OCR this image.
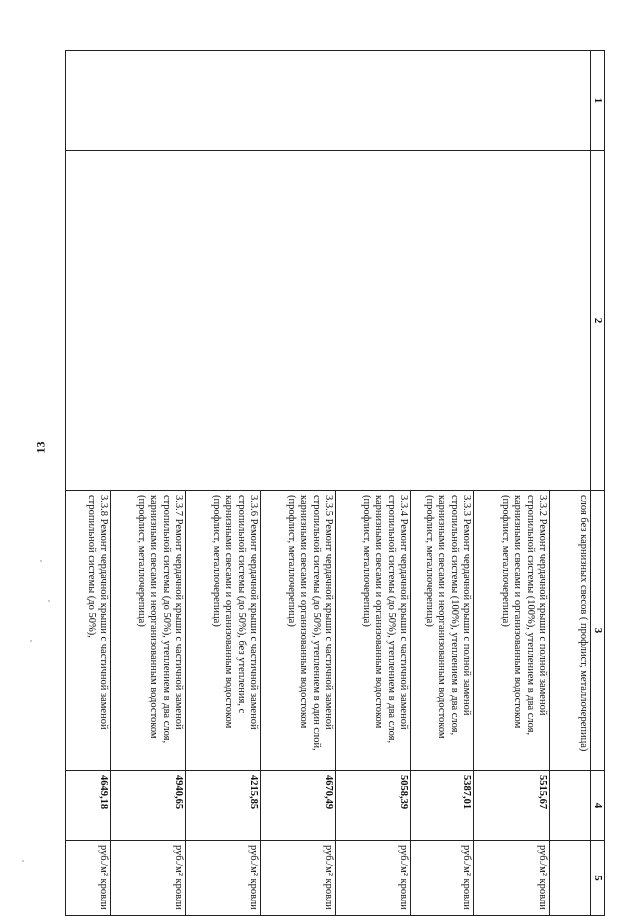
13
1	2	3	4	5
		слоя без карнизных свесов ( профлист, металлочерепица)		
		3.3.2 Ремонт чердачной крыши с полной заменой стропильной системы (100%), утеплением в два слоя, карнизными свесами и организованным водостоком (профлист, металлочерепица)	5515,67	руб./м² кровли
		3.3.3 Ремонт чердачной крыши с полной заменой стропильной системы (100%), утеплением в два слоя, карнизными свесами и неорганизованным водостоком (профлист, металлочерепица)	5387,01	руб./м² кровли
		3.3.4 Ремонт чердачной крыши с частичной заменой стропильной системы (до 50%), утеплением в два слоя, карнизными свесами и организованным водостоком (профлист, металлочерепица)	5058,39	руб./м² кровли
		3.3.5 Ремонт чердачной крыши с частичной заменой стропильной системы (до 50%), утеплением в один слой, карнизными свесами и организованным водостоком (профлист, металлочерепица)	4670,49	руб./м² кровли
		3.3.6 Ремонт чердачной крыши с частичной заменой стропильной системы (до 50%), без утепления, с карнизными свесами и организованным водостоком (профлист, металлочерепица)	4215,85	руб./м² кровли
		3.3.7 Ремонт чердачной крыши с частичной заменой стропильной системы (до 50%), утеплением в два слоя, карнизными свесами и неорганизованным водостоком (профлист, металлочерепица)	4940,65	руб./м² кровли
		3.3.8 Ремонт чердачной крыши с частичной заменой стропильной системы (до 50%),	4649,18	руб./м² кровли
